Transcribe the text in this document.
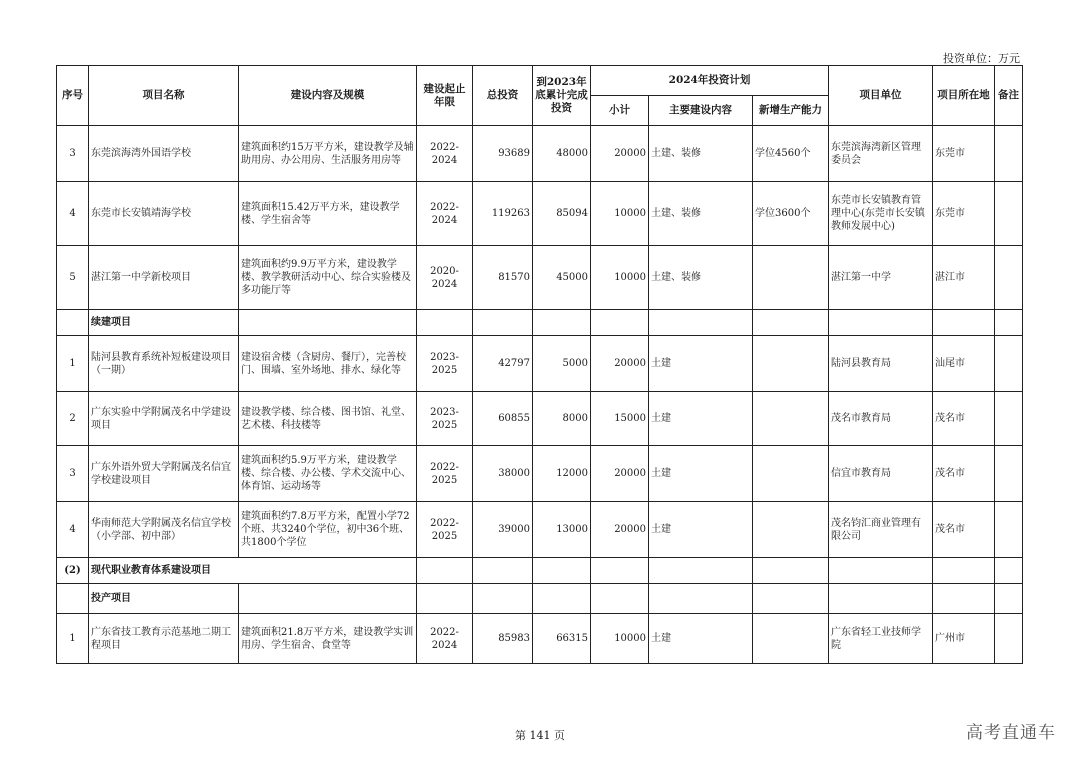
投资单位：万元
序号	项目名称	建设内容及规模	建设起止年限	总投资	到2023年底累计完成投资	2024年投资计划			项目单位	项目所在地	备注
						小计	主要建设内容	新增生产能力			
3	东莞滨海湾外国语学校	建筑面积约15万平方米，建设教学及辅助用房、办公用房、生活服务用房等	2022-2024	93689	48000	20000	土建、装修	学位4560个	东莞滨海湾新区管理委员会	东莞市	
4	东莞市长安镇靖海学校	建筑面积15.42万平方米，建设教学楼、学生宿舍等	2022-2024	119263	85094	10000	土建、装修	学位3600个	东莞市长安镇教育管理中心(东莞市长安镇教师发展中心)	东莞市	
5	湛江第一中学新校项目	建筑面积约9.9万平方米，建设教学楼、教学教研活动中心、综合实验楼及多功能厅等	2020-2024	81570	45000	10000	土建、装修		湛江第一中学	湛江市	
	续建项目										
1	陆河县教育系统补短板建设项目（一期）	建设宿舍楼（含厨房、餐厅），完善校门、围墙、室外场地、排水、绿化等	2023-2025	42797	5000	20000	土建		陆河县教育局	汕尾市	
2	广东实验中学附属茂名中学建设项目	建设教学楼、综合楼、图书馆、礼堂、艺术楼、科技楼等	2023-2025	60855	8000	15000	土建		茂名市教育局	茂名市	
3	广东外语外贸大学附属茂名信宜学校建设项目	建筑面积约5.9万平方米，建设教学楼、综合楼、办公楼、学术交流中心、体育馆、运动场等	2022-2025	38000	12000	20000	土建		信宜市教育局	茂名市	
4	华南师范大学附属茂名信宜学校（小学部、初中部）	建筑面积约7.8万平方米，配置小学72个班、共3240个学位，初中36个班、共1800个学位	2022-2025	39000	13000	20000	土建		茂名钧汇商业管理有限公司	茂名市	
(2)	现代职业教育体系建设项目										
	投产项目										
1	广东省技工教育示范基地二期工程项目	建筑面积21.8万平方米，建设教学实训用房、学生宿舍、食堂等	2022-2024	85983	66315	10000	土建		广东省轻工业技师学院	广州市	
第 141 页	高考直通车
